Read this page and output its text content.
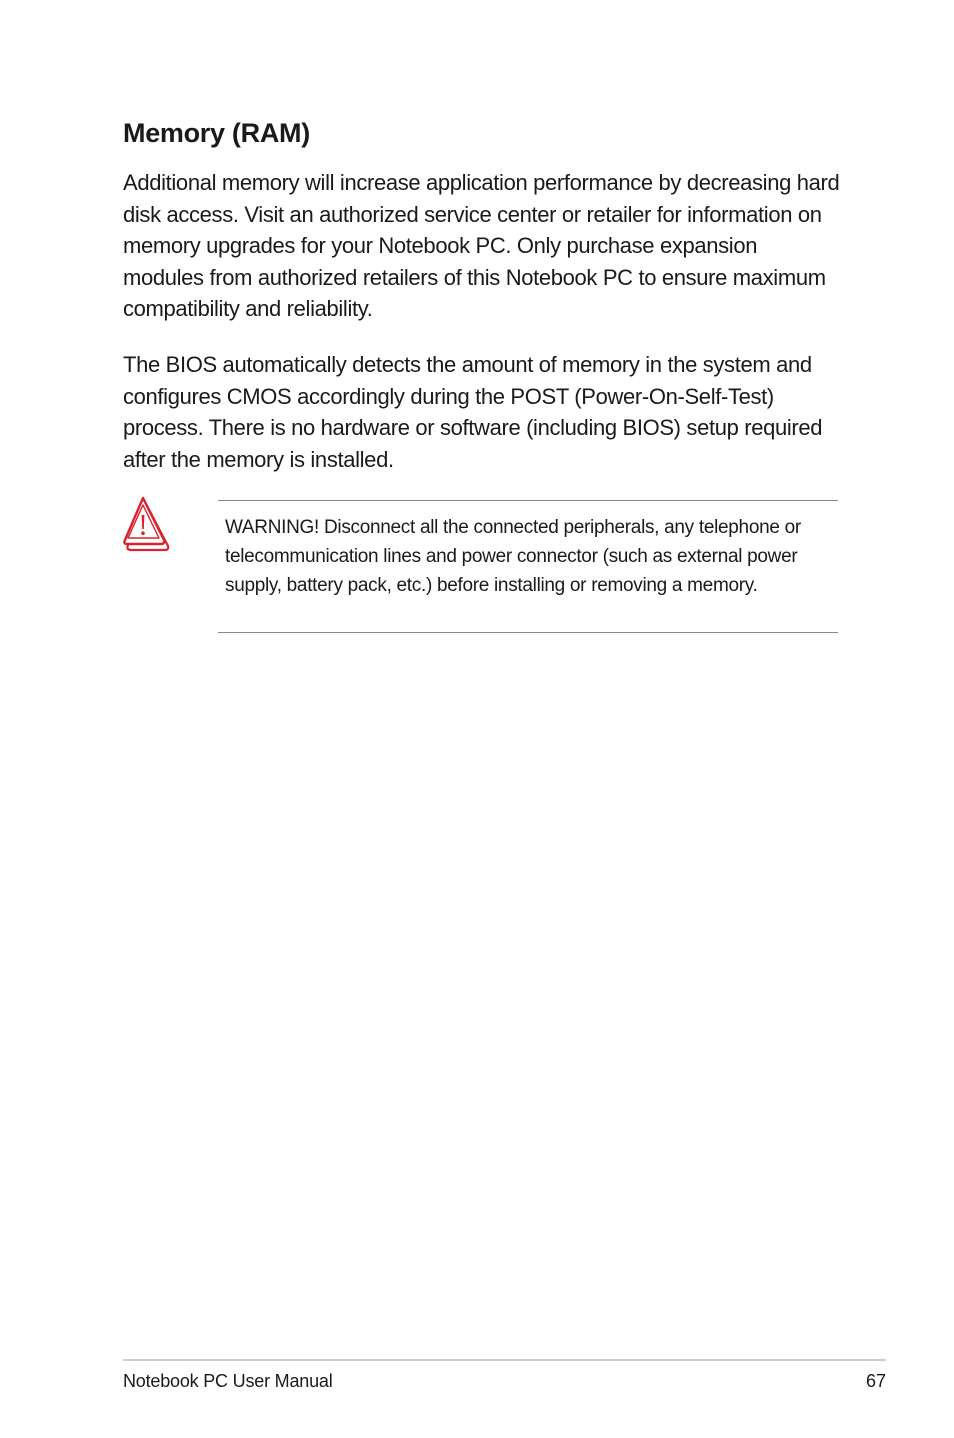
Memory (RAM)

Additional memory will increase application performance by decreasing hard disk access. Visit an authorized service center or retailer for information on memory upgrades for your Notebook PC. Only purchase expansion modules from authorized retailers of this Notebook PC to ensure maximum compatibility and reliability.

The BIOS automatically detects the amount of memory in the system and configures CMOS accordingly during the POST (Power-On-Self-Test) process. There is no hardware or software (including BIOS) setup required after the memory is installed.

WARNING! Disconnect all the connected peripherals, any telephone or telecommunication lines and power connector (such as external power supply, battery pack, etc.) before installing or removing a memory.

Notebook PC User Manual	67
